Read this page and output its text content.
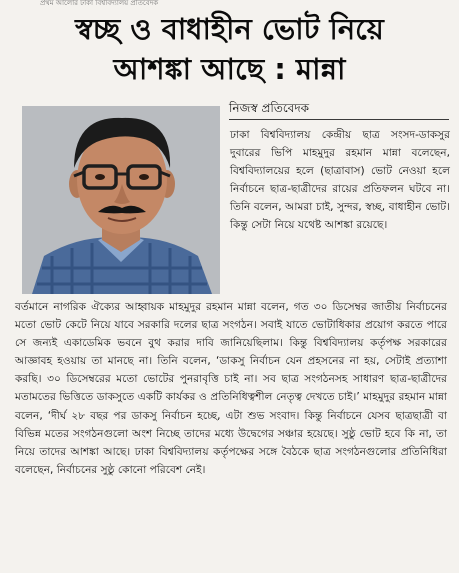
প্রথম আলোর ঢাকা বিশ্ববিদ্যালয় প্রতিবেদক
স্বচ্ছ ও বাধাহীন ভোট নিয়ে
আশঙ্কা আছে : মান্না
নিজস্ব প্রতিবেদক

ঢাকা বিশ্ববিদ্যালয় কেন্দ্রীয় ছাত্র সংসদ-ডাকসুর দুবারের ভিপি মাহমুদুর রহমান মান্না বলেছেন, বিশ্ববিদ্যালয়ের হলে (ছাত্রাবাস) ভোট নেওয়া হলে নির্বাচনে ছাত্র-ছাত্রীদের রায়ের প্রতিফলন ঘটবে না। তিনি বলেন, আমরা চাই, সুন্দর, স্বচ্ছ, বাধাহীন ভোট। কিন্তু সেটা নিয়ে যথেষ্ট আশঙ্কা রয়েছে।

বর্তমানে নাগরিক ঐক্যের আহ্বায়ক মাহমুদুর রহমান মান্না বলেন, গত ৩০ ডিসেম্বর জাতীয় নির্বাচনের মতো ভোট কেটে নিয়ে যাবে সরকারি দলের ছাত্র সংগঠন। সবাই যাতে ভোটাধিকার প্রয়োগ করতে পারে সে জন্যই একাডেমিক ভবনে বুথ করার দাবি জানিয়েছিলাম। কিন্তু বিশ্ববিদ্যালয় কর্তৃপক্ষ সরকারের আজ্ঞাবহ হওয়ায় তা মানছে না। তিনি বলেন, ‘ডাকসু নির্বাচন যেন প্রহসনের না হয়, সেটাই প্রত্যাশা করছি। ৩০ ডিসেম্বরের মতো ভোটের পুনরাবৃত্তি চাই না। সব ছাত্র সংগঠনসহ সাধারণ ছাত্র-ছাত্রীদের মতামতের ভিত্তিতে ডাকসুতে একটি কার্যকর ও প্রতিনিধিত্বশীল নেতৃত্ব দেখতে চাই।’ মাহমুদুর রহমান মান্না বলেন, ‘দীর্ঘ ২৮ বছর পর ডাকসু নির্বাচন হচ্ছে, এটা শুভ সংবাদ। কিন্তু নির্বাচনে যেসব ছাত্রছাত্রী বা বিভিন্ন মতের সংগঠনগুলো অংশ নিচ্ছে তাদের মধ্যে উদ্বেগের সঞ্চার হয়েছে। সুষ্ঠু ভোট হবে কি না, তা নিয়ে তাদের আশঙ্কা আছে। ঢাকা বিশ্ববিদ্যালয় কর্তৃপক্ষের সঙ্গে বৈঠকে ছাত্র সংগঠনগুলোর প্রতিনিধিরা বলেছেন, নির্বাচনের সুষ্ঠু কোনো পরিবেশ নেই।
